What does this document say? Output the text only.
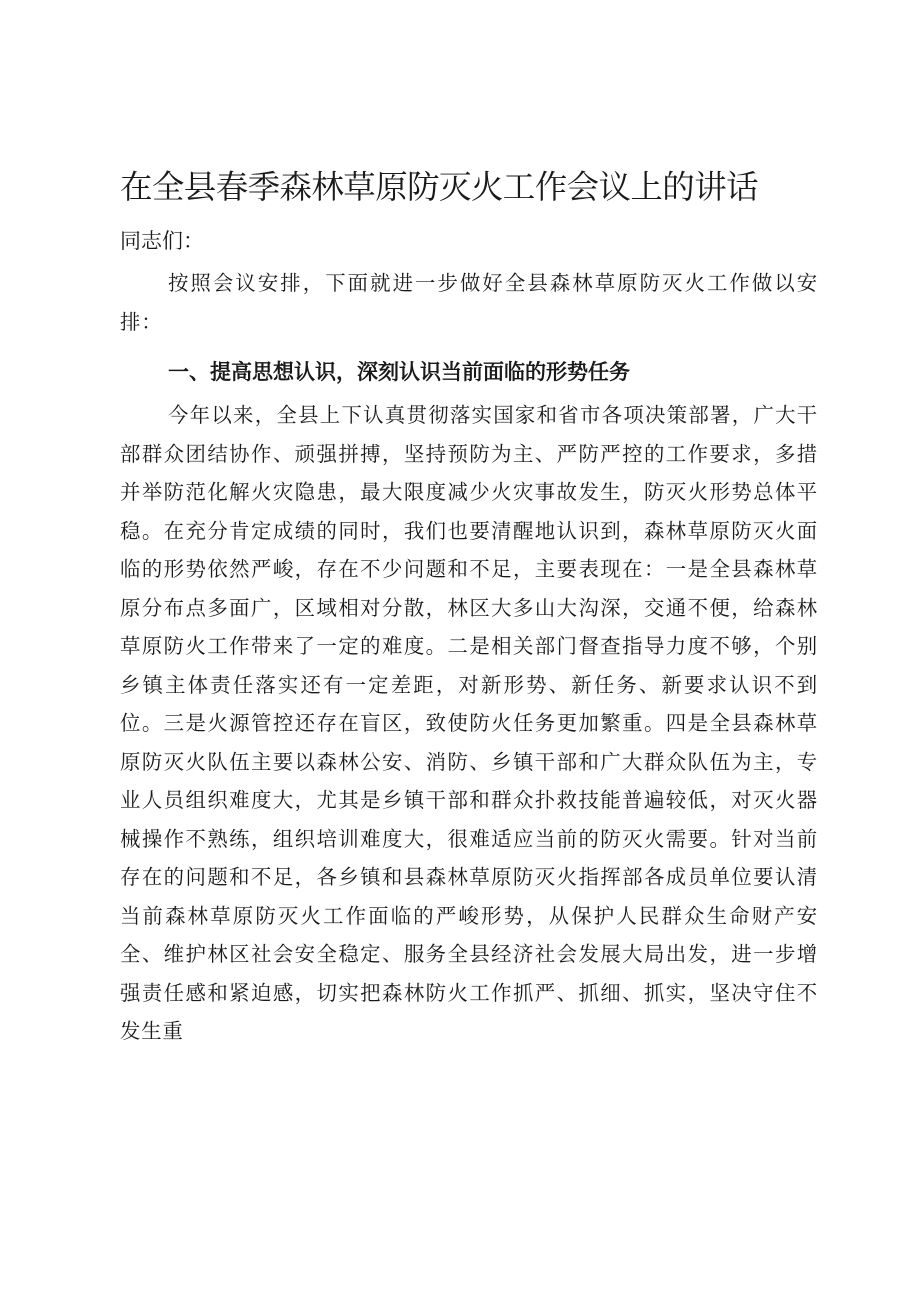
在全县春季森林草原防灭火工作会议上的讲话

同志们：

按照会议安排，下面就进一步做好全县森林草原防灭火工作做以安排：

一、提高思想认识，深刻认识当前面临的形势任务

今年以来，全县上下认真贯彻落实国家和省市各项决策部署，广大干部群众团结协作、顽强拼搏，坚持预防为主、严防严控的工作要求，多措并举防范化解火灾隐患，最大限度减少火灾事故发生，防灭火形势总体平稳。在充分肯定成绩的同时，我们也要清醒地认识到，森林草原防灭火面临的形势依然严峻，存在不少问题和不足，主要表现在：一是全县森林草原分布点多面广，区域相对分散，林区大多山大沟深，交通不便，给森林草原防火工作带来了一定的难度。二是相关部门督查指导力度不够，个别乡镇主体责任落实还有一定差距，对新形势、新任务、新要求认识不到位。三是火源管控还存在盲区，致使防火任务更加繁重。四是全县森林草原防灭火队伍主要以森林公安、消防、乡镇干部和广大群众队伍为主，专业人员组织难度大，尤其是乡镇干部和群众扑救技能普遍较低，对灭火器械操作不熟练，组织培训难度大，很难适应当前的防灭火需要。针对当前存在的问题和不足，各乡镇和县森林草原防灭火指挥部各成员单位要认清当前森林草原防灭火工作面临的严峻形势，从保护人民群众生命财产安全、维护林区社会安全稳定、服务全县经济社会发展大局出发，进一步增强责任感和紧迫感，切实把森林防火工作抓严、抓细、抓实，坚决守住不发生重
